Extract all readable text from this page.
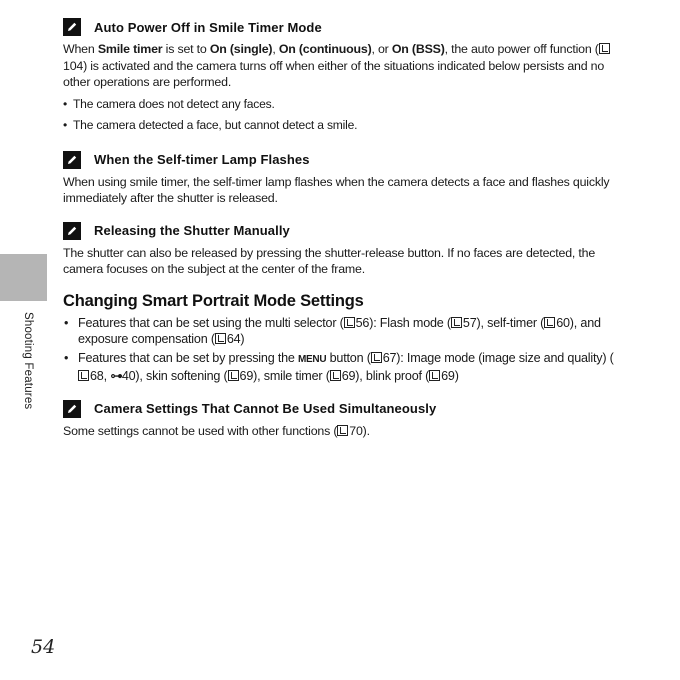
Shooting Features
Auto Power Off in Smile Timer Mode

When Smile timer is set to On (single), On (continuous), or On (BSS), the auto power off function (104) is activated and the camera turns off when either of the situations indicated below persists and no other operations are performed.

• The camera does not detect any faces.
• The camera detected a face, but cannot detect a smile.
When the Self-timer Lamp Flashes

When using smile timer, the self-timer lamp flashes when the camera detects a face and flashes quickly immediately after the shutter is released.

Releasing the Shutter Manually

The shutter can also be released by pressing the shutter-release button. If no faces are detected, the camera focuses on the subject at the center of the frame.

Changing Smart Portrait Mode Settings
• Features that can be set using the multi selector ( 56): Flash mode ( 57), self-timer ( 60), and exposure compensation ( 64)
• Features that can be set by pressing the MENU button ( 67): Image mode (image size and quality) (68, ⊶40), skin softening ( 69), smile timer ( 69), blink proof ( 69)
Camera Settings That Cannot Be Used Simultaneously

Some settings cannot be used with other functions ( 70).

54
